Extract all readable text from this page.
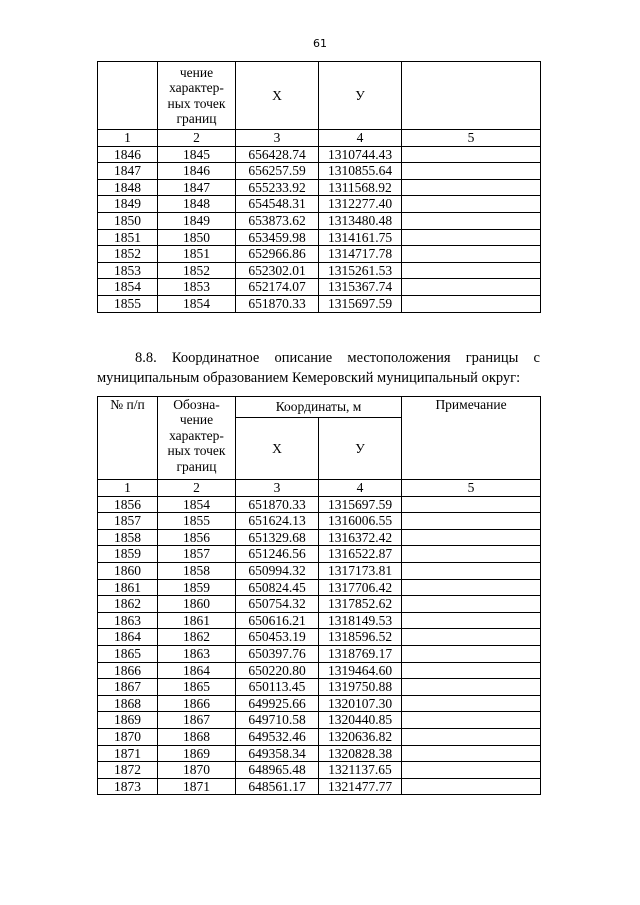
61
	чение характер-ных точек границ	Х	У	
1	2	3	4	5
1846	1845	656428.74	1310744.43	
1847	1846	656257.59	1310855.64	
1848	1847	655233.92	1311568.92	
1849	1848	654548.31	1312277.40	
1850	1849	653873.62	1313480.48	
1851	1850	653459.98	1314161.75	
1852	1851	652966.86	1314717.78	
1853	1852	652302.01	1315261.53	
1854	1853	652174.07	1315367.74	
1855	1854	651870.33	1315697.59	
8.8. Координатное описание местоположения границы с
муниципальным образованием Кемеровский муниципальный округ:
№ п/п	Обозна-чение характер-ных точек границ	Координаты, м		Примечание
		Х	У	
1	2	3	4	5
1856	1854	651870.33	1315697.59	
1857	1855	651624.13	1316006.55	
1858	1856	651329.68	1316372.42	
1859	1857	651246.56	1316522.87	
1860	1858	650994.32	1317173.81	
1861	1859	650824.45	1317706.42	
1862	1860	650754.32	1317852.62	
1863	1861	650616.21	1318149.53	
1864	1862	650453.19	1318596.52	
1865	1863	650397.76	1318769.17	
1866	1864	650220.80	1319464.60	
1867	1865	650113.45	1319750.88	
1868	1866	649925.66	1320107.30	
1869	1867	649710.58	1320440.85	
1870	1868	649532.46	1320636.82	
1871	1869	649358.34	1320828.38	
1872	1870	648965.48	1321137.65	
1873	1871	648561.17	1321477.77	
